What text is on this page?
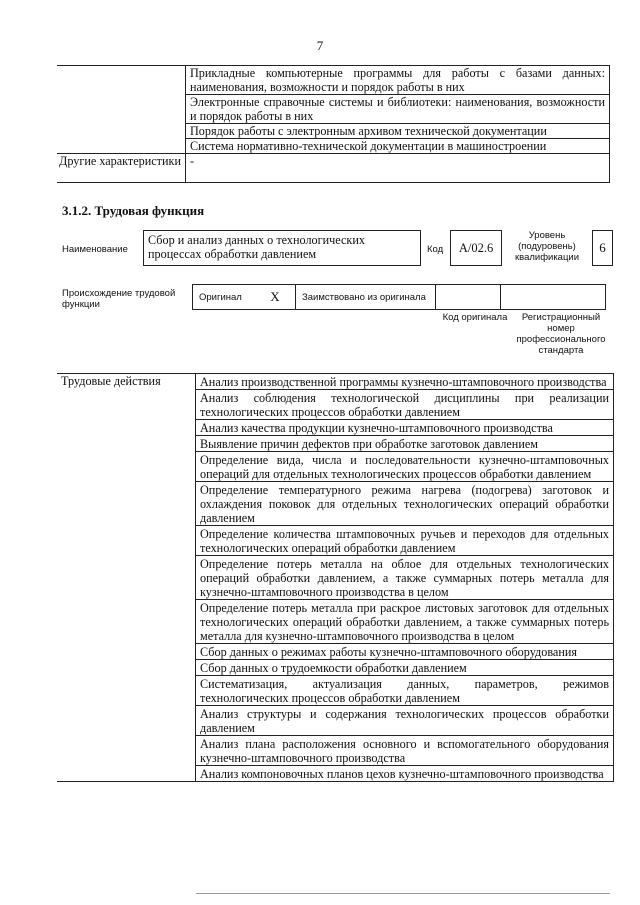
7
	Прикладные компьютерные программы для работы с базами данных: наименования, возможности и порядок работы в них
	Электронные справочные системы и библиотеки: наименования, возможности и порядок работы в них
	Порядок работы с электронным архивом технической документации
	Система нормативно-технической документации в машиностроении
Другие характеристики	-
3.1.2. Трудовая функция
Наименование
Сбор и анализ данных о технологических процессах обработки давлением	Код	A/02.6
Уровень (подуровень) квалификации
6
Происхождение трудовой функции
Оригинал	X	Заимствовано из оригинала		
Код оригинала	Регистрационный номер профессионального стандарта
Трудовые действия	Анализ производственной программы кузнечно-штамповочного производства
Анализ соблюдения технологической дисциплины при реализации технологических процессов обработки давлением
Анализ качества продукции кузнечно-штамповочного производства
Выявление причин дефектов при обработке заготовок давлением
Определение вида, числа и последовательности кузнечно-штамповочных операций для отдельных технологических процессов обработки давлением
Определение температурного режима нагрева (подогрева) заготовок и охлаждения поковок для отдельных технологических операций обработки давлением
Определение количества штамповочных ручьев и переходов для отдельных технологических операций обработки давлением
Определение потерь металла на облое для отдельных технологических операций обработки давлением, а также суммарных потерь металла для кузнечно-штамповочного производства в целом
Определение потерь металла при раскрое листовых заготовок для отдельных технологических операций обработки давлением, а также суммарных потерь металла для кузнечно-штамповочного производства в целом
Сбор данных о режимах работы кузнечно-штамповочного оборудования
Сбор данных о трудоемкости обработки давлением
Систематизация, актуализация данных, параметров, режимов технологических процессов обработки давлением
Анализ структуры и содержания технологических процессов обработки давлением
Анализ плана расположения основного и вспомогательного оборудования кузнечно-штамповочного производства
Анализ компоновочных планов цехов кузнечно-штамповочного производства
